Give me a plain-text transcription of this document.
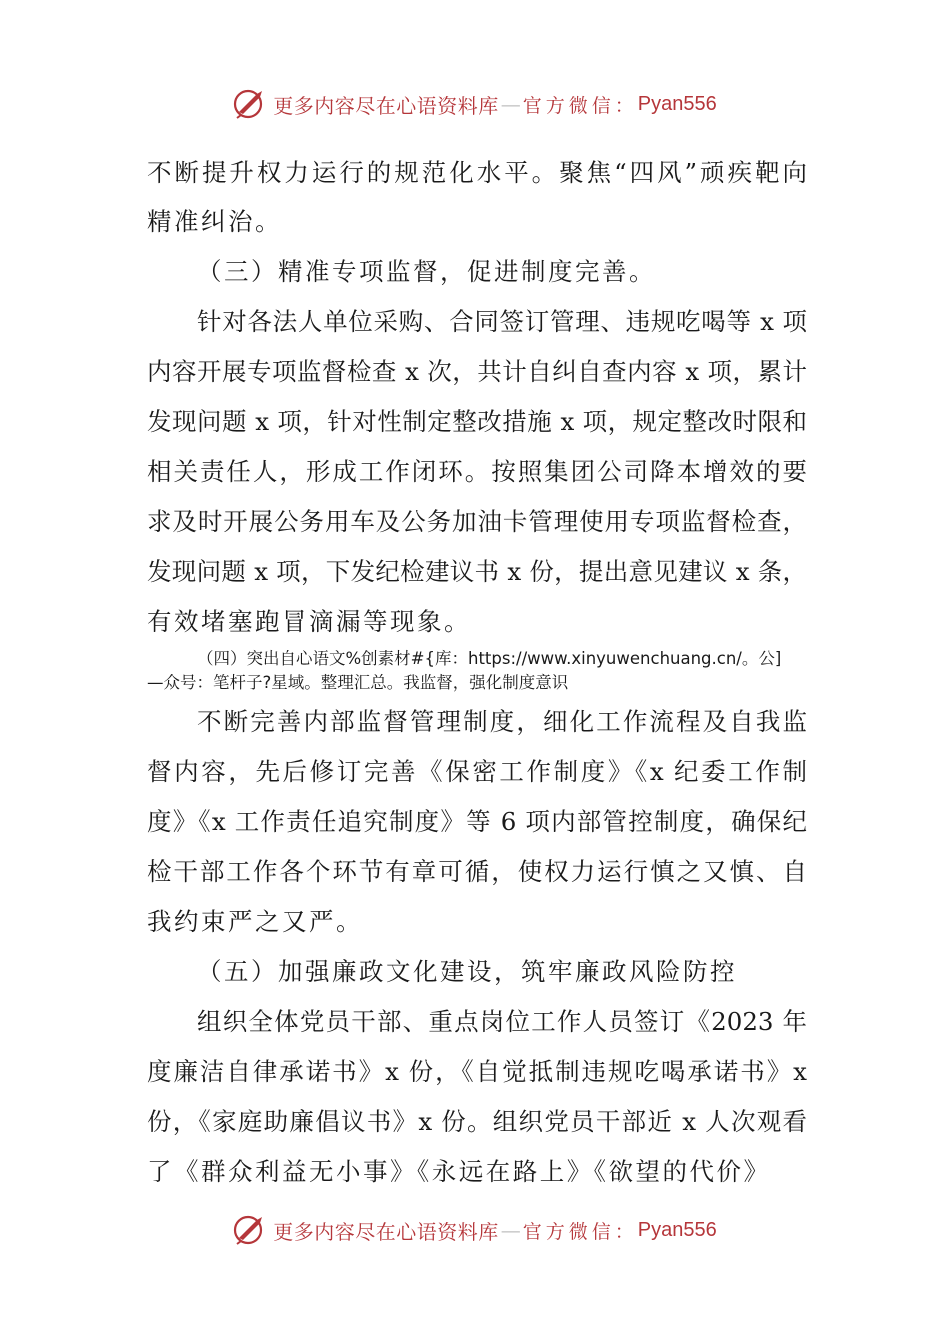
更多内容尽在心语资料库 — 官方微信： Pyan556
不断提升权力运行的规范化水平。聚焦“四风”顽疾靶向
精准纠治。
（三）精准专项监督，促进制度完善。
针对各法人单位采购、合同签订管理、违规吃喝等 x 项
内容开展专项监督检查 x 次，共计自纠自查内容 x 项，累计
发现问题 x 项，针对性制定整改措施 x 项，规定整改时限和
相关责任人，形成工作闭环。按照集团公司降本增效的要
求及时开展公务用车及公务加油卡管理使用专项监督检查，
发现问题 x 项，下发纪检建议书 x 份，提出意见建议 x 条，
有效堵塞跑冒滴漏等现象。
（四）突出自心语文%创素材#{库：https://www.xinyuwenchuang.cn/。公]
—众号：笔杆子?星域。整理汇总。我监督，强化制度意识
不断完善内部监督管理制度，细化工作流程及自我监
督内容，先后修订完善《保密工作制度》《x 纪委工作制
度》《x 工作责任追究制度》等 6 项内部管控制度，确保纪
检干部工作各个环节有章可循，使权力运行慎之又慎、自
我约束严之又严。
（五）加强廉政文化建设，筑牢廉政风险防控
组织全体党员干部、重点岗位工作人员签订《2023 年
度廉洁自律承诺书》x 份，《自觉抵制违规吃喝承诺书》x
份，《家庭助廉倡议书》x 份。组织党员干部近 x 人次观看
了《群众利益无小事》《永远在路上》《欲望的代价》
更多内容尽在心语资料库 — 官方微信： Pyan556
